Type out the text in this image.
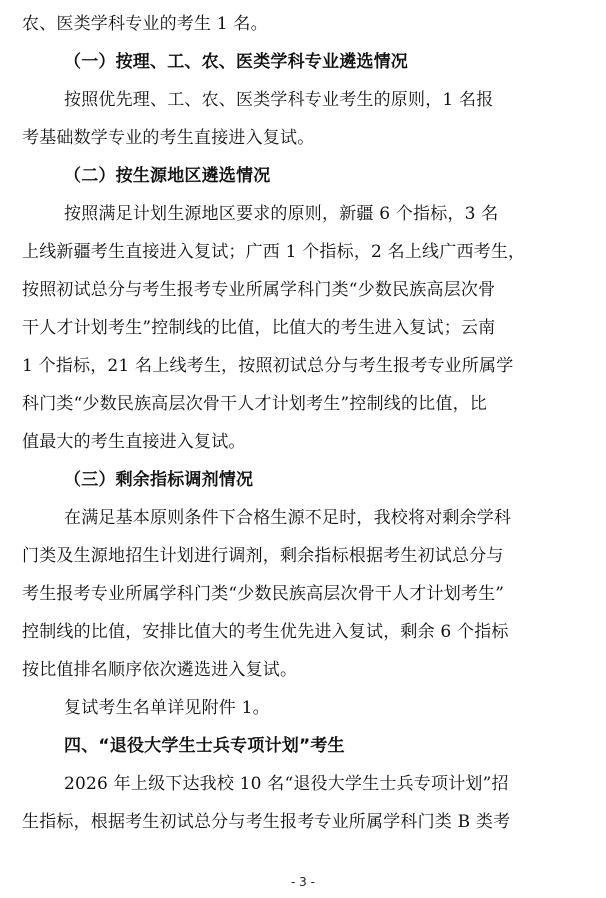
农、医类学科专业的考生 1 名。
（一）按理、工、农、医类学科专业遴选情况
按照优先理、工、农、医类学科专业考生的原则，1 名报
考基础数学专业的考生直接进入复试。
（二）按生源地区遴选情况
按照满足计划生源地区要求的原则，新疆 6 个指标，3 名
上线新疆考生直接进入复试；广西 1 个指标，2 名上线广西考生，
按照初试总分与考生报考专业所属学科门类“少数民族高层次骨
干人才计划考生”控制线的比值，比值大的考生进入复试；云南
1 个指标，21 名上线考生，按照初试总分与考生报考专业所属学
科门类“少数民族高层次骨干人才计划考生”控制线的比值，比
值最大的考生直接进入复试。
（三）剩余指标调剂情况
在满足基本原则条件下合格生源不足时，我校将对剩余学科
门类及生源地招生计划进行调剂，剩余指标根据考生初试总分与
考生报考专业所属学科门类“少数民族高层次骨干人才计划考生”
控制线的比值，安排比值大的考生优先进入复试，剩余 6 个指标
按比值排名顺序依次遴选进入复试。
复试考生名单详见附件 1。
四、“退役大学生士兵专项计划”考生
2026 年上级下达我校 10 名“退役大学生士兵专项计划”招
生指标，根据考生初试总分与考生报考专业所属学科门类 B 类考
- 3 -
